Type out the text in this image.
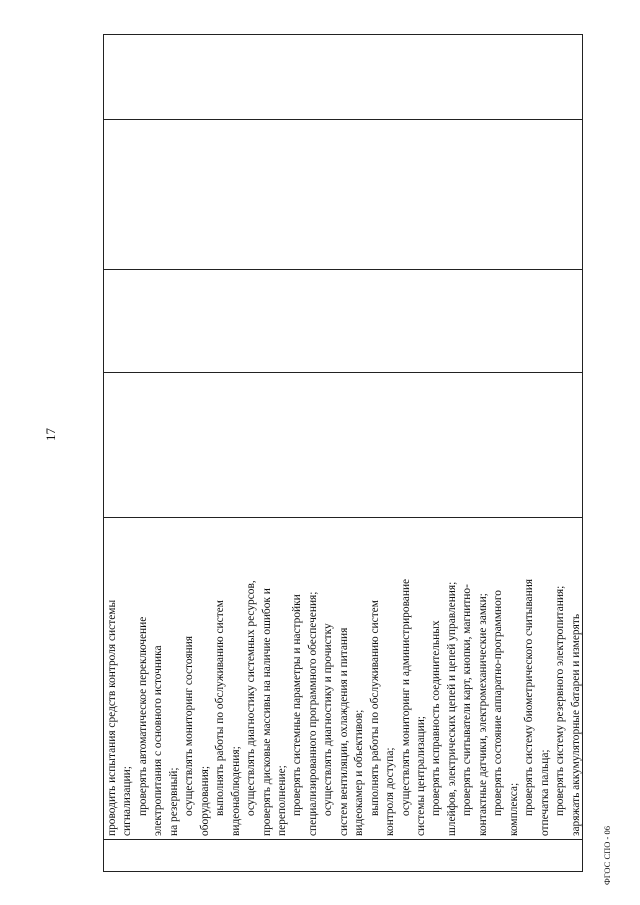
17
проводить испытания средств контроля системы сигнализации; проверять автоматическое переключение электропитания с основного источника на резервный; осуществлять мониторинг состояния оборудования; выполнять работы по обслуживанию систем видеонаблюдения; осуществлять диагностику системных ресурсов, проверять дисковые массивы на наличие ошибок и переполнение; проверять системные параметры и настройки специализированного программного обеспечения; осуществлять диагностику и прочистку систем вентиляции, охлаждения и питания видеокамер и объективов; выполнять работы по обслуживанию систем контроля доступа; осуществлять мониторинг и администрирование системы централизации; проверять исправность соединительных шлейфов, электрических цепей и цепей управления; проверять считыватели карт, кнопки, магнитно- контактные датчики, электромеханические замки; проверять состояние аппаратно-программного комплекса; проверять систему биометрического считывания отпечатка пальца; проверять систему резервного электропитания; заряжать аккумуляторные батареи и измерять
ФГОС СПО - 06
